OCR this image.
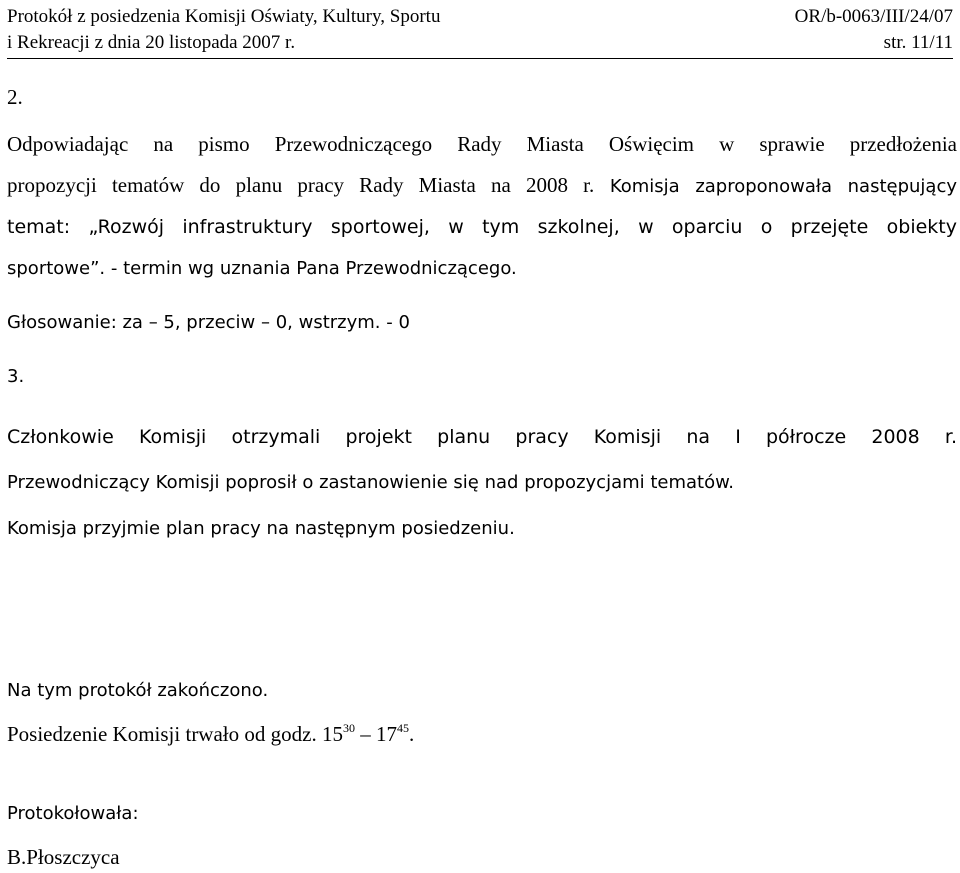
Protokół z posiedzenia Komisji Oświaty, Kultury, Sportu	OR/b-0063/III/24/07
i Rekreacji z dnia 20 listopada 2007 r.	str. 11/11
2.
Odpowiadając na pismo Przewodniczącego Rady Miasta Oświęcim w sprawie przedłożenia
propozycji tematów do planu pracy Rady Miasta na 2008 r. Komisja zaproponowała następujący
temat: „Rozwój infrastruktury sportowej, w tym szkolnej, w oparciu o przejęte obiekty
sportowe”. - termin wg uznania Pana Przewodniczącego.
Głosowanie: za – 5, przeciw – 0, wstrzym. - 0
3.
Członkowie Komisji otrzymali projekt planu pracy Komisji na I półrocze 2008 r.
Przewodniczący Komisji poprosił o zastanowienie się nad propozycjami tematów.
Komisja przyjmie plan pracy na następnym posiedzeniu.
Na tym protokół zakończono.
Posiedzenie Komisji trwało od godz. $15^{30} - 17^{45}$.
Protokołowała:
B.Płoszczyca
